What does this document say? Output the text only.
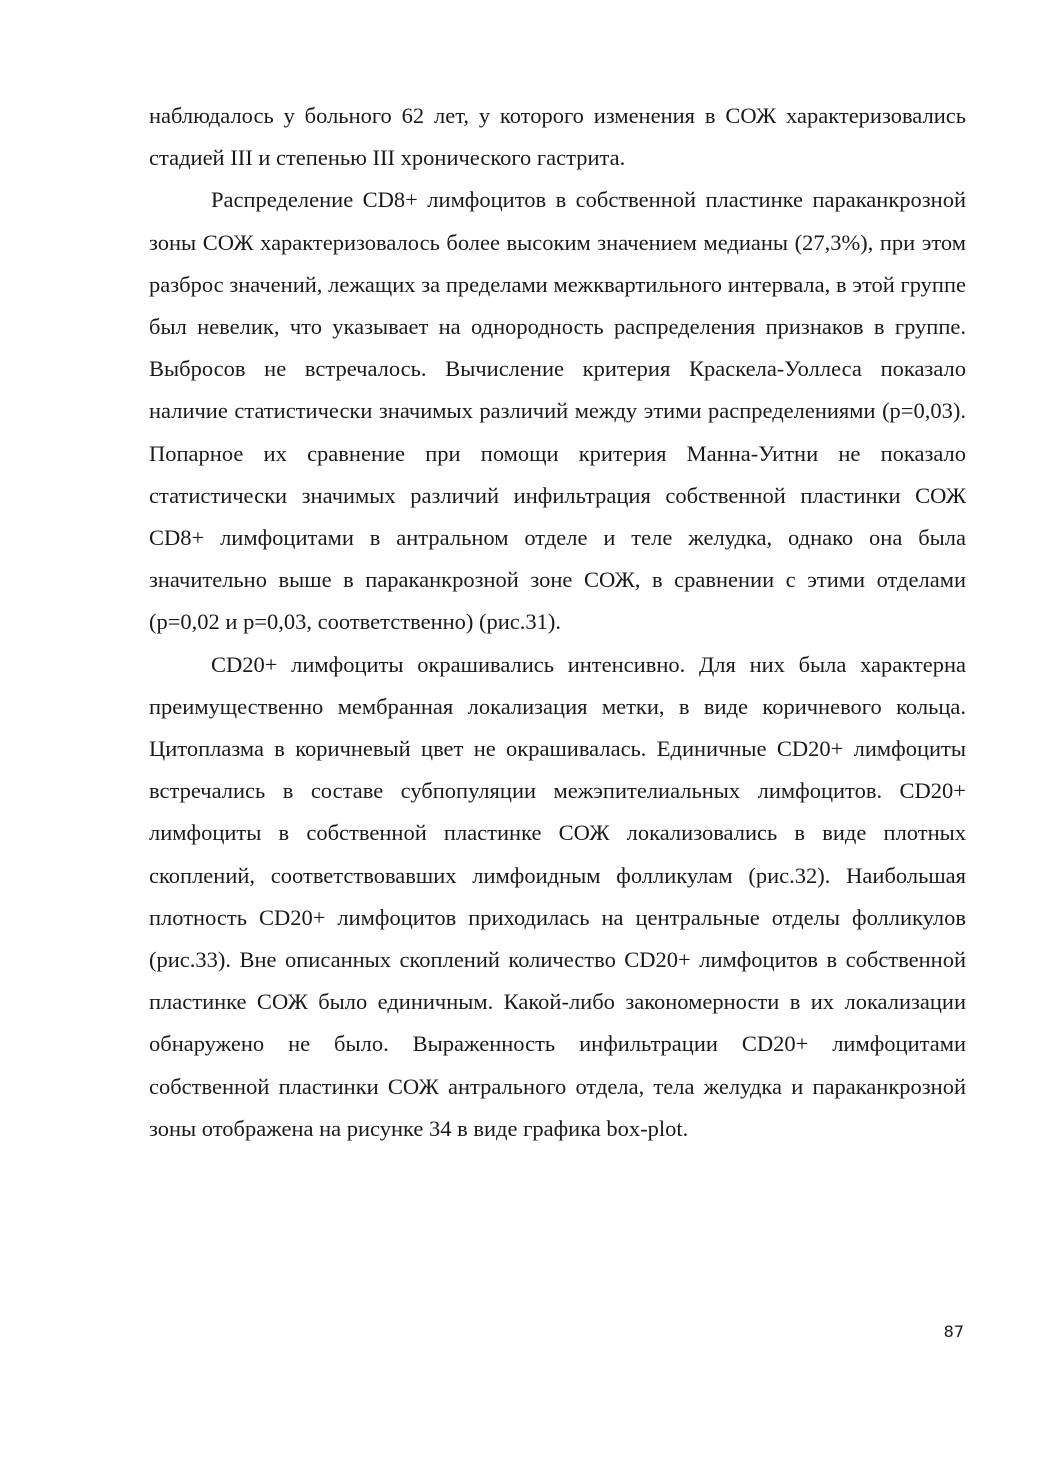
наблюдалось у больного 62 лет, у которого изменения в СОЖ характеризовались стадией III и степенью III хронического гастрита.

Распределение CD8+ лимфоцитов в собственной пластинке параканкрозной зоны СОЖ характеризовалось более высоким значением медианы (27,3%), при этом разброс значений, лежащих за пределами межквартильного интервала, в этой группе был невелик, что указывает на однородность распределения признаков в группе. Выбросов не встречалось. Вычисление критерия Краскела-Уоллеса показало наличие статистически значимых различий между этими распределениями (р=0,03). Попарное их сравнение при помощи критерия Манна-Уитни не показало статистически значимых различий инфильтрация собственной пластинки СОЖ CD8+ лимфоцитами в антральном отделе и теле желудка, однако она была значительно выше в параканкрозной зоне СОЖ, в сравнении с этими отделами (р=0,02 и р=0,03, соответственно) (рис.31).

CD20+ лимфоциты окрашивались интенсивно. Для них была характерна преимущественно мембранная локализация метки, в виде коричневого кольца. Цитоплазма в коричневый цвет не окрашивалась. Единичные CD20+ лимфоциты встречались в составе субпопуляции межэпителиальных лимфоцитов. CD20+ лимфоциты в собственной пластинке СОЖ локализовались в виде плотных скоплений, соответствовавших лимфоидным фолликулам (рис.32). Наибольшая плотность CD20+ лимфоцитов приходилась на центральные отделы фолликулов (рис.33). Вне описанных скоплений количество CD20+ лимфоцитов в собственной пластинке СОЖ было единичным. Какой-либо закономерности в их локализации обнаружено не было. Выраженность инфильтрации CD20+ лимфоцитами собственной пластинки СОЖ антрального отдела, тела желудка и параканкрозной зоны отображена на рисунке 34 в виде графика box-plot.

87
